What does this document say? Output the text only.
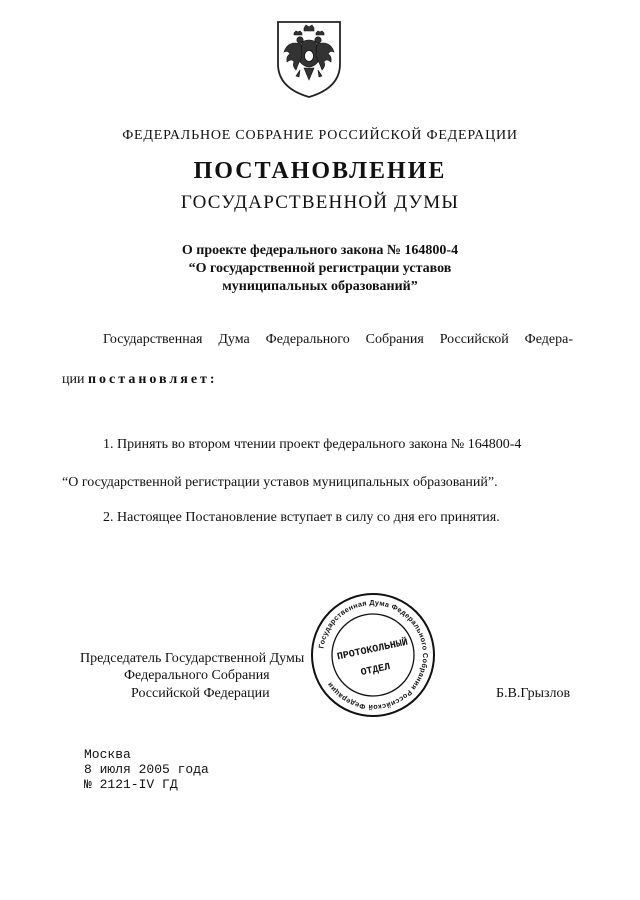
ФЕДЕРАЛЬНОЕ СОБРАНИЕ РОССИЙСКОЙ ФЕДЕРАЦИИ
ПОСТАНОВЛЕНИЕ
ГОСУДАРСТВЕННОЙ ДУМЫ
О проекте федерального закона № 164800-4
“О государственной регистрации уставов
муниципальных образований”
Государственная Дума Федерального Собрания Российской Федера-
ции постановляет:
1. Принять во втором чтении проект федерального закона № 164800-4
“О государственной регистрации уставов муниципальных образований”.
2. Настоящее Постановление вступает в силу со дня его принятия.
Председатель Государственной Думы
Федерального Собрания
Российской Федерации	Б.В.Грызлов
Государственная Дума Федерального Собрания Российской Федерации
ПРОТОКОЛЬНЫЙ
ОТДЕЛ
Москва
8 июля 2005 года
№ 2121-IV ГД
